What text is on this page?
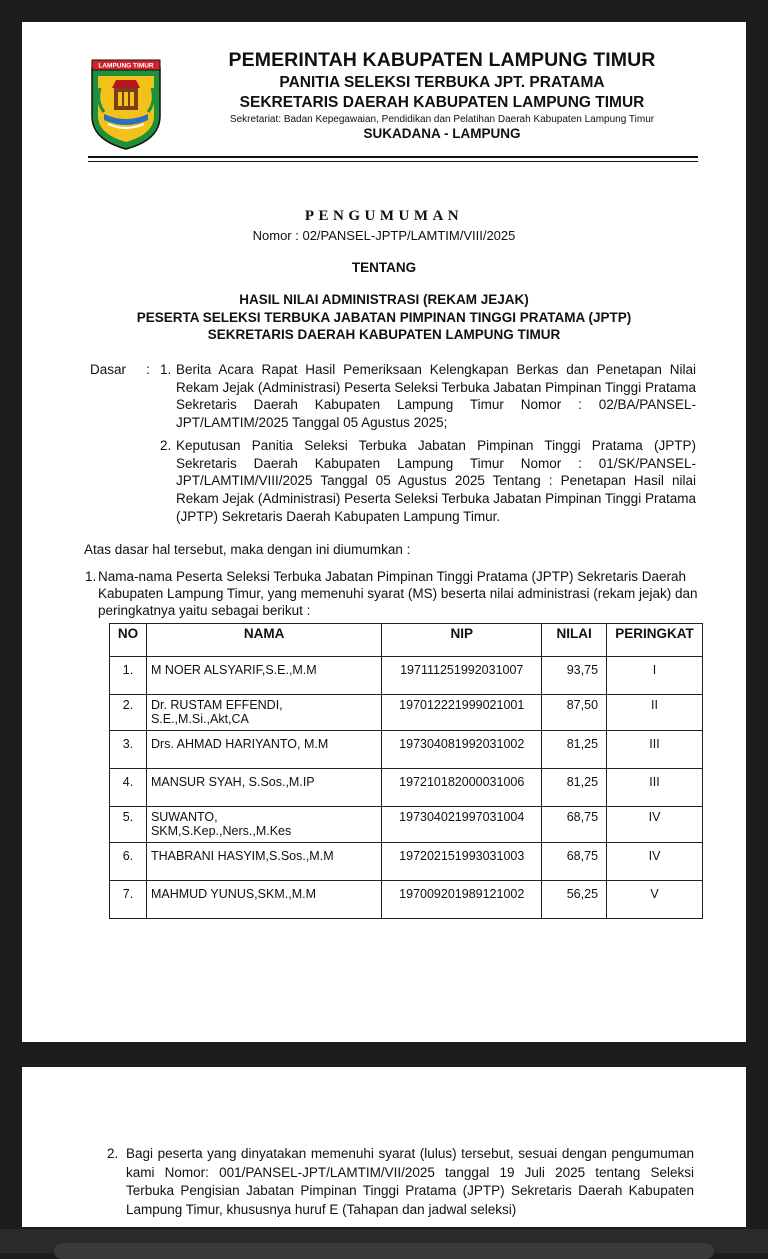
LAMPUNG TIMUR	PEMERINTAH KABUPATEN LAMPUNG TIMUR
PANITIA SELEKSI TERBUKA JPT. PRATAMA
SEKRETARIS DAERAH KABUPATEN LAMPUNG TIMUR
Sekretariat: Badan Kepegawaian, Pendidikan dan Pelatihan Daerah Kabupaten Lampung Timur
SUKADANA - LAMPUNG
PENGUMUMAN
Nomor : 02/PANSEL-JPTP/LAMTIM/VIII/2025
TENTANG
HASIL NILAI ADMINISTRASI (REKAM JEJAK)
PESERTA SELEKSI TERBUKA JABATAN PIMPINAN TINGGI PRATAMA (JPTP)
SEKRETARIS DAERAH KABUPATEN LAMPUNG TIMUR
Dasar : 1. Berita Acara Rapat Hasil Pemeriksaan Kelengkapan Berkas dan Penetapan Nilai Rekam Jejak (Administrasi) Peserta Seleksi Terbuka Jabatan Pimpinan Tinggi Pratama Sekretaris Daerah Kabupaten Lampung Timur Nomor : 02/BA/PANSEL-JPT/LAMTIM/2025 Tanggal 05 Agustus 2025;
2. Keputusan Panitia Seleksi Terbuka Jabatan Pimpinan Tinggi Pratama (JPTP) Sekretaris Daerah Kabupaten Lampung Timur Nomor : 01/SK/PANSEL-JPT/LAMTIM/VIII/2025 Tanggal 05 Agustus 2025 Tentang : Penetapan Hasil nilai Rekam Jejak (Administrasi) Peserta Seleksi Terbuka Jabatan Pimpinan Tinggi Pratama (JPTP) Sekretaris Daerah Kabupaten Lampung Timur.
Atas dasar hal tersebut, maka dengan ini diumumkan :
1. Nama-nama Peserta Seleksi Terbuka Jabatan Pimpinan Tinggi Pratama (JPTP) Sekretaris Daerah Kabupaten Lampung Timur, yang memenuhi syarat (MS) beserta nilai administrasi (rekam jejak) dan peringkatnya yaitu sebagai berikut :
NO	NAMA	NIP	NILAI	PERINGKAT
1.	M NOER ALSYARIF,S.E.,M.M	197111251992031007	93,75	I
2.	Dr. RUSTAM EFFENDI,
S.E.,M.Si.,Akt,CA	197012221999021001	87,50	II
3.	Drs. AHMAD HARIYANTO, M.M	197304081992031002	81,25	III
4.	MANSUR SYAH, S.Sos.,M.IP	197210182000031006	81,25	III
5.	SUWANTO,
SKM,S.Kep.,Ners.,M.Kes	197304021997031004	68,75	IV
6.	THABRANI HASYIM,S.Sos.,M.M	197202151993031003	68,75	IV
7.	MAHMUD YUNUS,SKM.,M.M	197009201989121002	56,25	V
2. Bagi peserta yang dinyatakan memenuhi syarat (lulus) tersebut, sesuai dengan pengumuman kami Nomor: 001/PANSEL-JPT/LAMTIM/VII/2025 tanggal 19 Juli 2025 tentang Seleksi Terbuka Pengisian Jabatan Pimpinan Tinggi Pratama (JPTP) Sekretaris Daerah Kabupaten Lampung Timur, khususnya huruf E (Tahapan dan jadwal seleksi)
